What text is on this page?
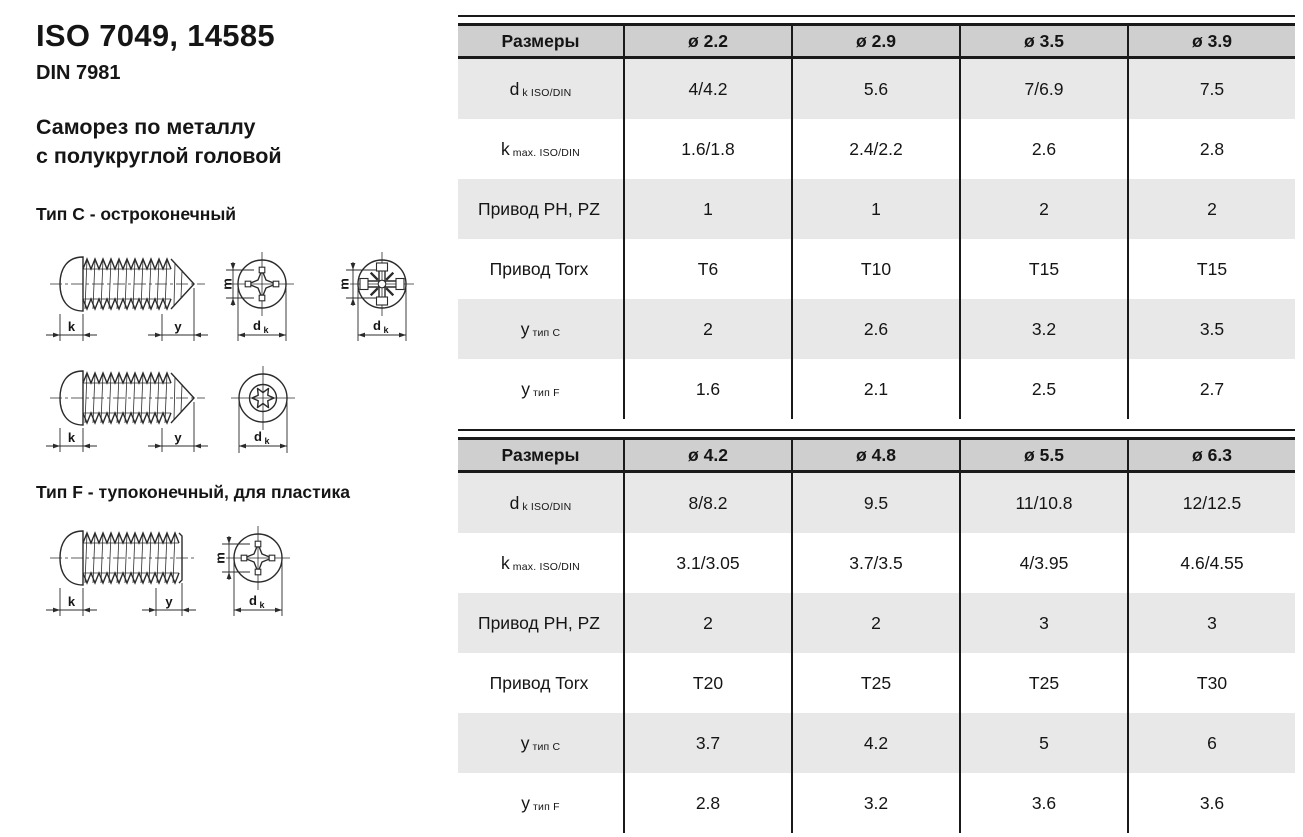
ISO 7049, 14585
DIN 7981
Саморез по металлу
с полукруглой головой
Тип C - остроконечный
Тип F - тупоконечный, для пластика
k	y
m
d k
m
d k
k	y	d k
k	y
m
d k
Размеры	ø 2.2	ø 2.9	ø 3.5	ø 3.9
d k ISO/DIN	4/4.2	5.6	7/6.9	7.5
k max. ISO/DIN	1.6/1.8	2.4/2.2	2.6	2.8
Привод PH, PZ	1	1	2	2
Привод Torx	T6	T10	T15	T15
y тип C	2	2.6	3.2	3.5
y тип F	1.6	2.1	2.5	2.7
Размеры	ø 4.2	ø 4.8	ø 5.5	ø 6.3
d k ISO/DIN	8/8.2	9.5	11/10.8	12/12.5
k max. ISO/DIN	3.1/3.05	3.7/3.5	4/3.95	4.6/4.55
Привод PH, PZ	2	2	3	3
Привод Torx	T20	T25	T25	T30
y тип C	3.7	4.2	5	6
y тип F	2.8	3.2	3.6	3.6
